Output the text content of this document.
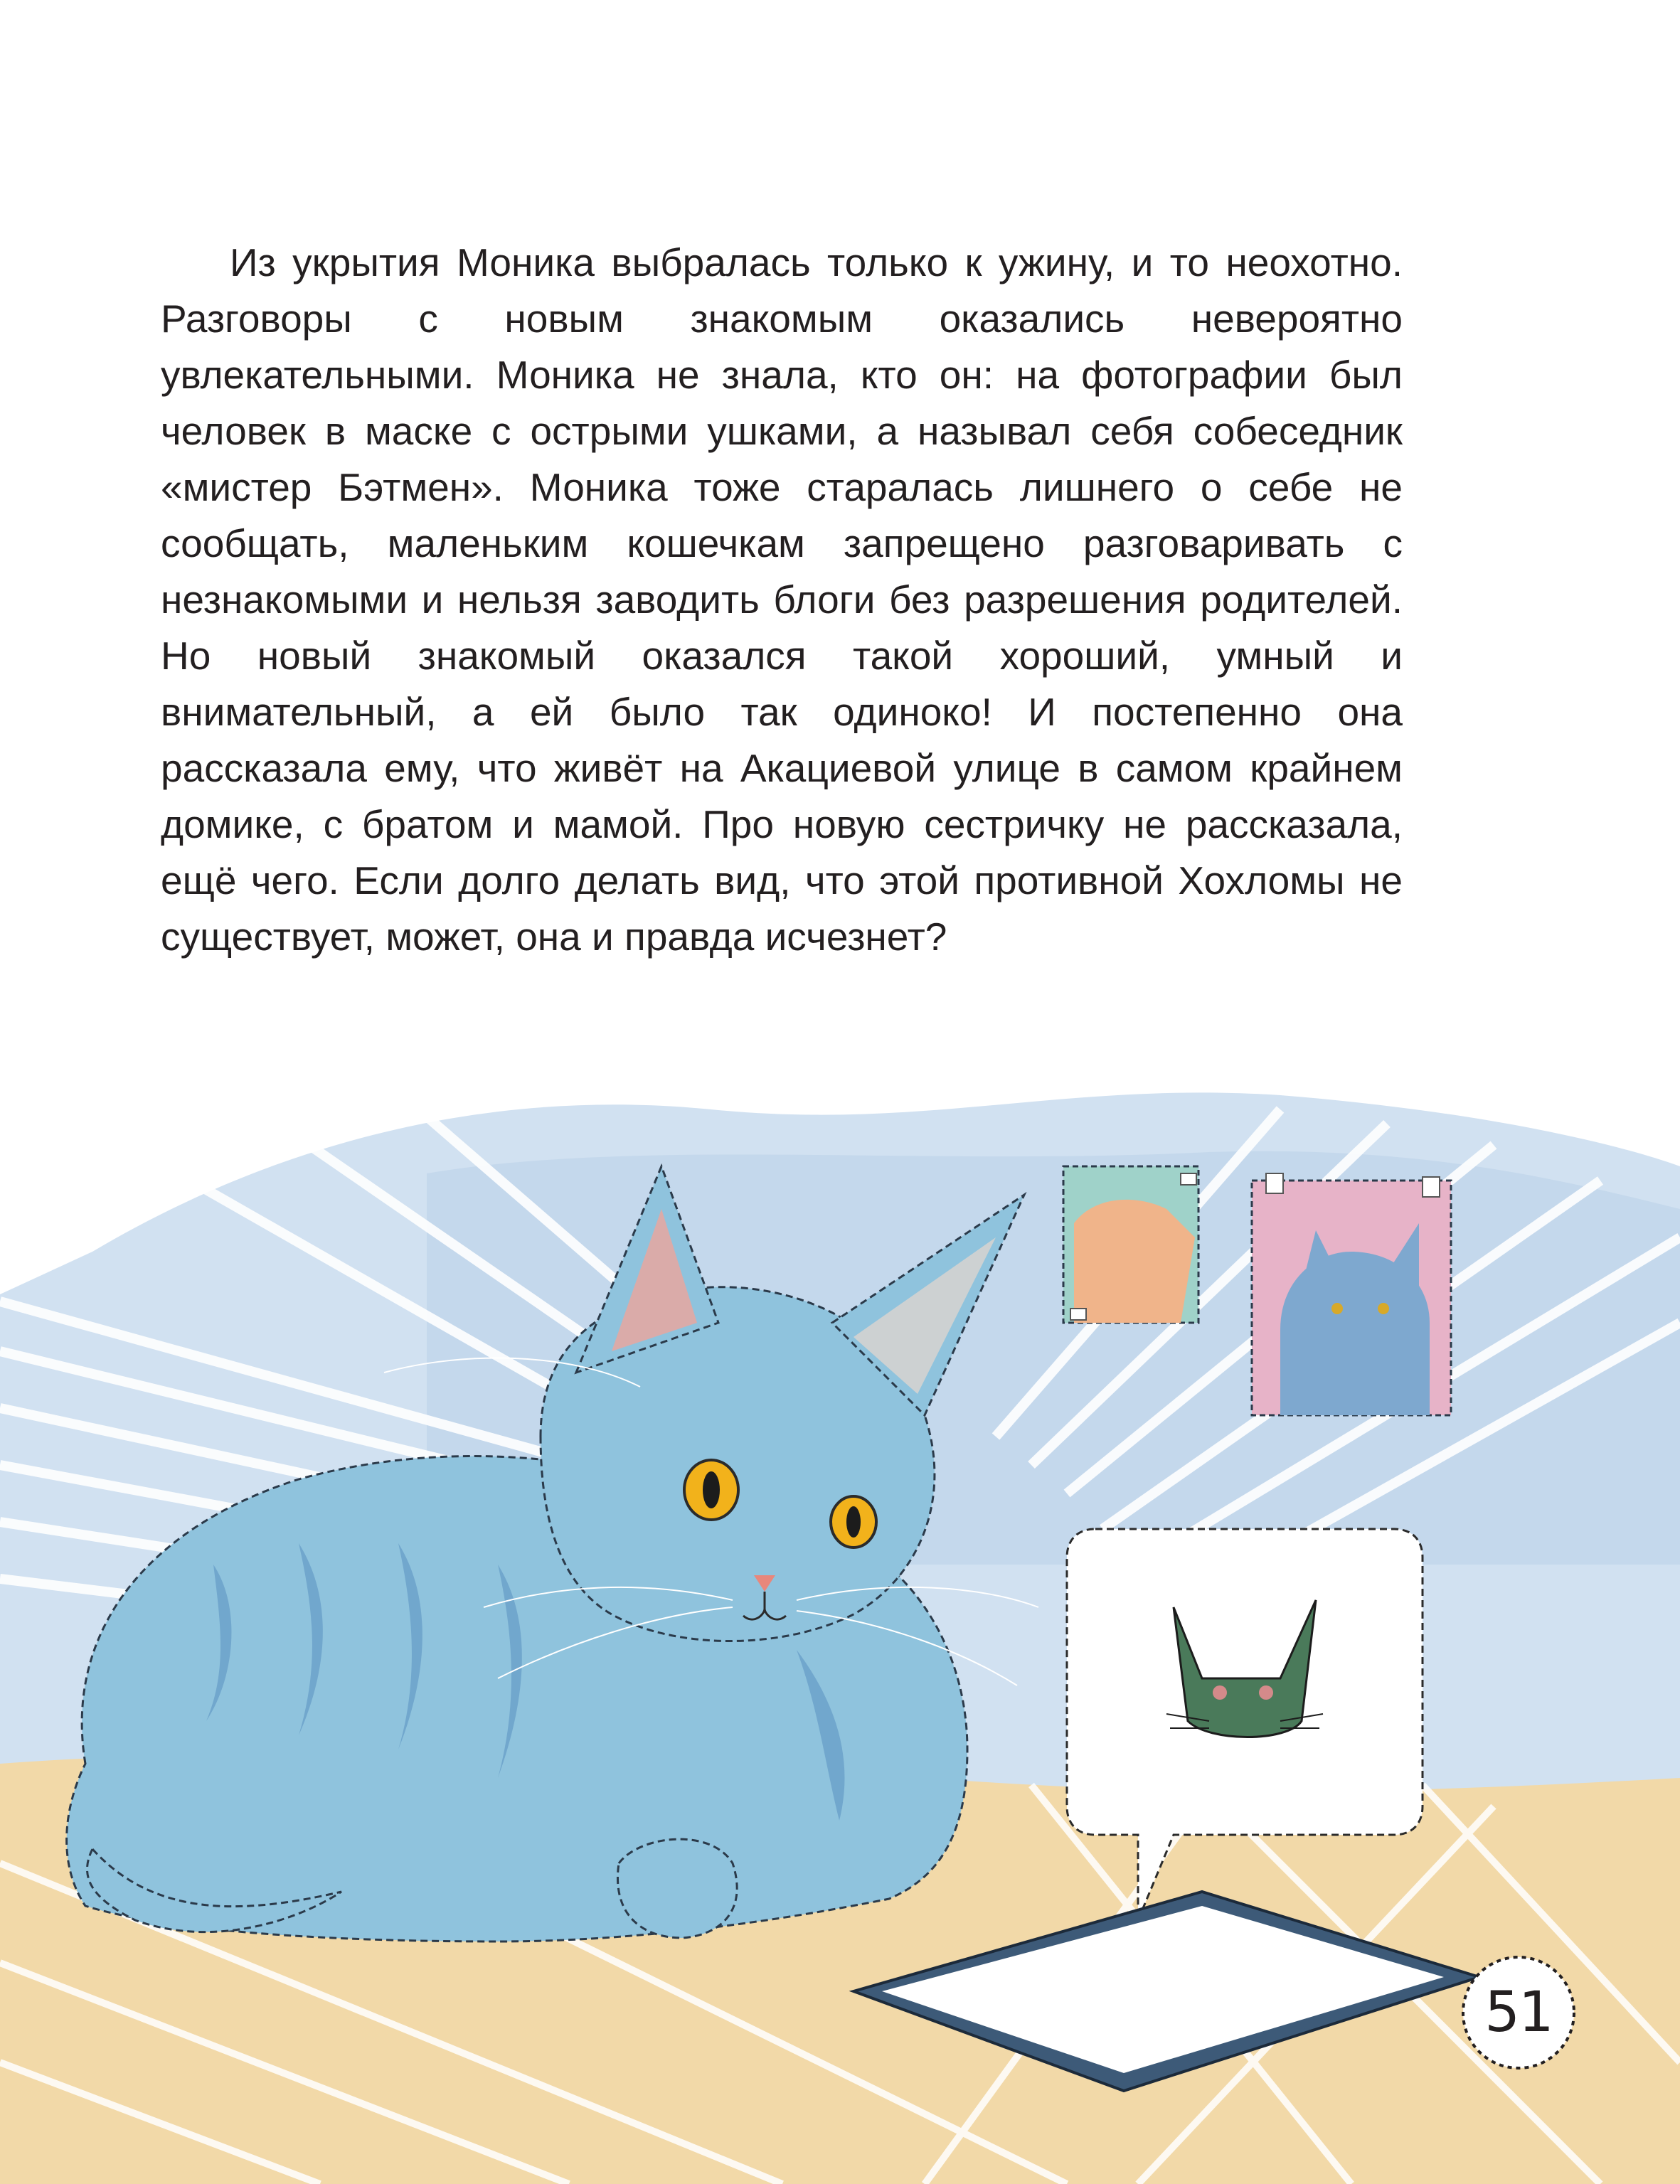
Из укрытия Моника выбралась только к ужину, и то неохотно. Разговоры с новым знакомым оказались невероятно увлекательными. Моника не знала, кто он: на фотографии был человек в маске с острыми ушками, а называл себя собеседник «мистер Бэтмен». Моника тоже старалась лишнего о себе не сообщать, маленьким кошечкам запрещено разговаривать с незнакомыми и нельзя заводить блоги без разрешения родителей. Но новый знакомый оказался такой хороший, умный и внимательный, а ей было так одиноко! И постепенно она рассказала ему, что живёт на Акациевой улице в самом крайнем домике, с братом и мамой. Про новую сестричку не рассказала, ещё чего. Если долго делать вид, что этой противной Хохломы не существует, может, она и правда исчезнет?

51
